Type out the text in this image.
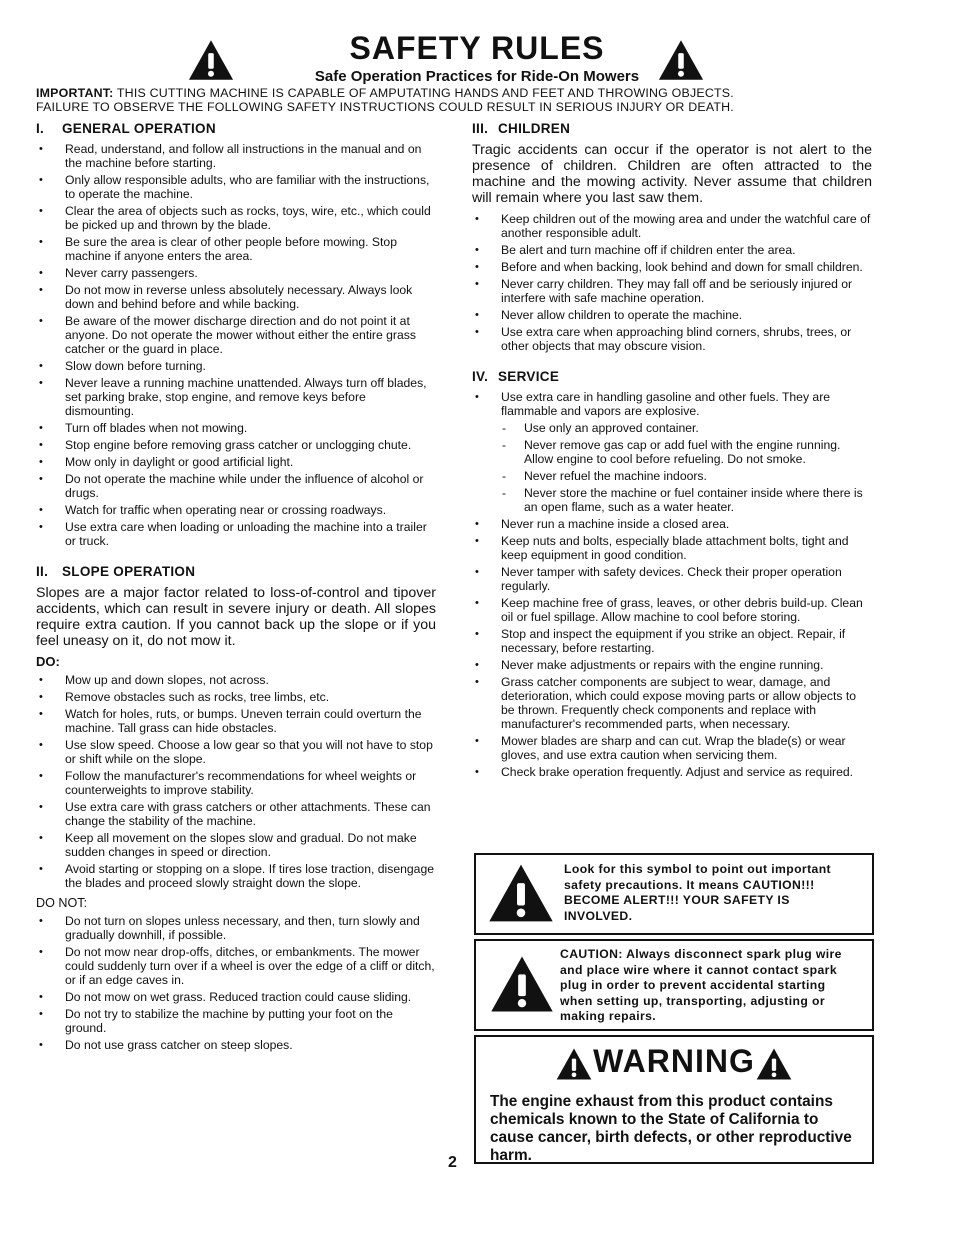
SAFETY RULES
Safe Operation Practices for Ride-On Mowers
IMPORTANT: THIS CUTTING MACHINE IS CAPABLE OF AMPUTATING HANDS AND FEET AND THROWING OBJECTS.
FAILURE TO OBSERVE THE FOLLOWING SAFETY INSTRUCTIONS COULD RESULT IN SERIOUS INJURY OR DEATH.
I. GENERAL OPERATION
• Read, understand, and follow all instructions in the manual and on the machine before starting.
• Only allow responsible adults, who are familiar with the instructions, to operate the machine.
• Clear the area of objects such as rocks, toys, wire, etc., which could be picked up and thrown by the blade.
• Be sure the area is clear of other people before mowing. Stop machine if anyone enters the area.
• Never carry passengers.
• Do not mow in reverse unless absolutely necessary. Always look down and behind before and while backing.
• Be aware of the mower discharge direction and do not point it at anyone. Do not operate the mower without either the entire grass catcher or the guard in place.
• Slow down before turning.
• Never leave a running machine unattended. Always turn off blades, set parking brake, stop engine, and remove keys before dismounting.
• Turn off blades when not mowing.
• Stop engine before removing grass catcher or unclogging chute.
• Mow only in daylight or good artificial light.
• Do not operate the machine while under the influence of alcohol or drugs.
• Watch for traffic when operating near or crossing roadways.
• Use extra care when loading or unloading the machine into a trailer or truck.
II. SLOPE OPERATION
Slopes are a major factor related to loss-of-control and tipover accidents, which can result in severe injury or death. All slopes require extra caution. If you cannot back up the slope or if you feel uneasy on it, do not mow it.
DO:
• Mow up and down slopes, not across.
• Remove obstacles such as rocks, tree limbs, etc.
• Watch for holes, ruts, or bumps. Uneven terrain could overturn the machine. Tall grass can hide obstacles.
• Use slow speed. Choose a low gear so that you will not have to stop or shift while on the slope.
• Follow the manufacturer's recommendations for wheel weights or counterweights to improve stability.
• Use extra care with grass catchers or other attachments. These can change the stability of the machine.
• Keep all movement on the slopes slow and gradual. Do not make sudden changes in speed or direction.
• Avoid starting or stopping on a slope. If tires lose traction, disengage the blades and proceed slowly straight down the slope.
DO NOT:
• Do not turn on slopes unless necessary, and then, turn slowly and gradually downhill, if possible.
• Do not mow near drop-offs, ditches, or embankments. The mower could suddenly turn over if a wheel is over the edge of a cliff or ditch, or if an edge caves in.
• Do not mow on wet grass. Reduced traction could cause sliding.
• Do not try to stabilize the machine by putting your foot on the ground.
• Do not use grass catcher on steep slopes.
III. CHILDREN
Tragic accidents can occur if the operator is not alert to the presence of children. Children are often attracted to the machine and the mowing activity. Never assume that children will remain where you last saw them.
• Keep children out of the mowing area and under the watchful care of another responsible adult.
• Be alert and turn machine off if children enter the area.
• Before and when backing, look behind and down for small children.
• Never carry children. They may fall off and be seriously injured or interfere with safe machine operation.
• Never allow children to operate the machine.
• Use extra care when approaching blind corners, shrubs, trees, or other objects that may obscure vision.
IV. SERVICE
• Use extra care in handling gasoline and other fuels. They are flammable and vapors are explosive.
- Use only an approved container.
- Never remove gas cap or add fuel with the engine running. Allow engine to cool before refueling. Do not smoke.
- Never refuel the machine indoors.
- Never store the machine or fuel container inside where there is an open flame, such as a water heater.
• Never run a machine inside a closed area.
• Keep nuts and bolts, especially blade attachment bolts, tight and keep equipment in good condition.
• Never tamper with safety devices. Check their proper operation regularly.
• Keep machine free of grass, leaves, or other debris build-up. Clean oil or fuel spillage. Allow machine to cool before storing.
• Stop and inspect the equipment if you strike an object. Repair, if necessary, before restarting.
• Never make adjustments or repairs with the engine running.
• Grass catcher components are subject to wear, damage, and deterioration, which could expose moving parts or allow objects to be thrown. Frequently check components and replace with manufacturer's recommended parts, when necessary.
• Mower blades are sharp and can cut. Wrap the blade(s) or wear gloves, and use extra caution when servicing them.
• Check brake operation frequently. Adjust and service as required.
Look for this symbol to point out important safety precautions. It means CAUTION!!! BECOME ALERT!!! YOUR SAFETY IS INVOLVED.
CAUTION: Always disconnect spark plug wire and place wire where it cannot contact spark plug in order to prevent accidental starting when setting up, transporting, adjusting or making repairs.
WARNING
The engine exhaust from this product contains chemicals known to the State of California to cause cancer, birth defects, or other reproductive harm.
2
